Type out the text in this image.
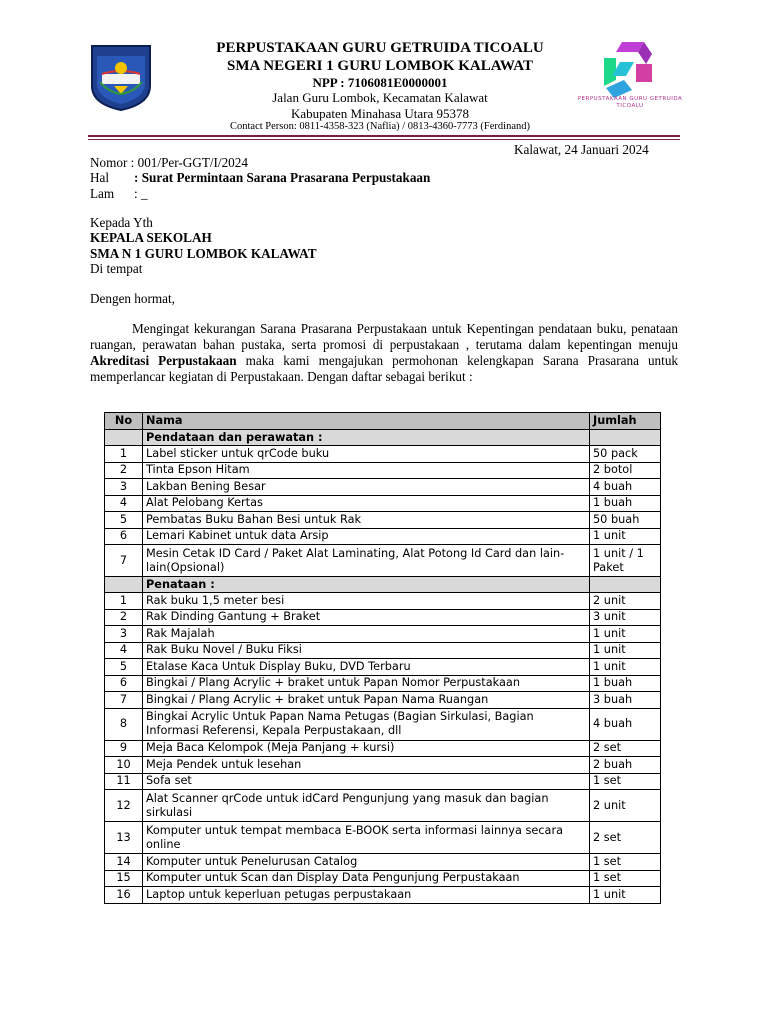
PERPUSTAKAAN GURU GETRUIDA TICOALU
PERPUSTAKAAN GURU GETRUIDA TICOALU
SMA NEGERI 1 GURU LOMBOK KALAWAT
NPP : 7106081E0000001
Jalan Guru Lombok, Kecamatan Kalawat
Kabupaten Minahasa Utara 95378
Contact Person: 0811-4358-323 (Naflia) / 0813-4360-7773 (Ferdinand)
Kalawat, 24 Januari 2024
Nomor : 001/Per-GGT/I/2024
Hal : Surat Permintaan Sarana Prasarana Perpustakaan
Lam : _
Kepada Yth
KEPALA SEKOLAH
SMA N 1 GURU LOMBOK KALAWAT
Di tempat
Dengen hormat,
Mengingat kekurangan Sarana Prasarana Perpustakaan untuk Kepentingan pendataan buku, penataan ruangan, perawatan bahan pustaka, serta promosi di perpustakaan , terutama dalam kepentingan menuju Akreditasi Perpustakaan maka kami mengajukan permohonan kelengkapan Sarana Prasarana untuk memperlancar kegiatan di Perpustakaan. Dengan daftar sebagai berikut :
No	Nama	Jumlah
	Pendataan dan perawatan :	
1	Label sticker untuk qrCode buku	50 pack
2	Tinta Epson Hitam	2 botol
3	Lakban Bening Besar	4 buah
4	Alat Pelobang Kertas	1 buah
5	Pembatas Buku Bahan Besi untuk Rak	50 buah
6	Lemari Kabinet untuk data Arsip	1 unit
7	Mesin Cetak ID Card / Paket Alat Laminating, Alat Potong Id Card dan lain-lain(Opsional)	1 unit / 1 Paket
	Penataan :	
1	Rak buku 1,5 meter besi	2 unit
2	Rak Dinding Gantung + Braket	3 unit
3	Rak Majalah	1 unit
4	Rak Buku Novel / Buku Fiksi	1 unit
5	Etalase Kaca Untuk Display Buku, DVD Terbaru	1 unit
6	Bingkai / Plang Acrylic + braket untuk Papan Nomor Perpustakaan	1 buah
7	Bingkai / Plang Acrylic + braket untuk Papan Nama Ruangan	3 buah
8	Bingkai Acrylic Untuk Papan Nama Petugas (Bagian Sirkulasi, Bagian Informasi Referensi, Kepala Perpustakaan, dll	4 buah
9	Meja Baca Kelompok (Meja Panjang + kursi)	2 set
10	Meja Pendek untuk lesehan	2 buah
11	Sofa set	1 set
12	Alat Scanner qrCode untuk idCard Pengunjung yang masuk dan bagian sirkulasi	2 unit
13	Komputer untuk tempat membaca E-BOOK serta informasi lainnya secara online	2 set
14	Komputer untuk Penelurusan Catalog	1 set
15	Komputer untuk Scan dan Display Data Pengunjung Perpustakaan	1 set
16	Laptop untuk keperluan petugas perpustakaan	1 unit
